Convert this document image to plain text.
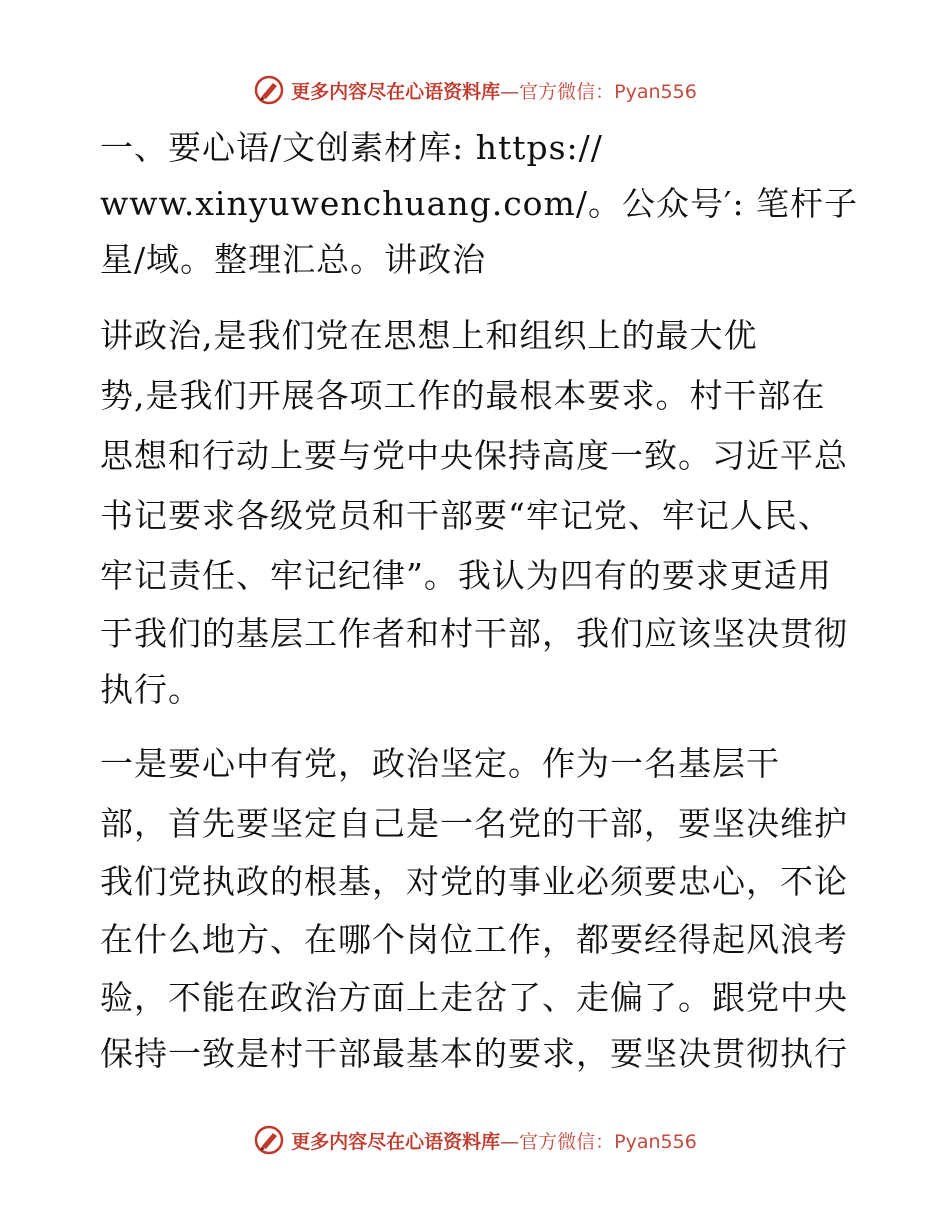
更多内容尽在心语资料库—官方微信：Pyan556
一、要心语/文创素材库: https://
www.xinyuwenchuang.com/。公众号′: 笔杆子
星/域。整理汇总。讲政治
讲政治,是我们党在思想上和组织上的最大优
势,是我们开展各项工作的最根本要求。村干部在
思想和行动上要与党中央保持高度一致。习近平总
书记要求各级党员和干部要“牢记党、牢记人民、
牢记责任、牢记纪律”。我认为四有的要求更适用
于我们的基层工作者和村干部，我们应该坚决贯彻
执行。
一是要心中有党，政治坚定。作为一名基层干
部，首先要坚定自己是一名党的干部，要坚决维护
我们党执政的根基，对党的事业必须要忠心，不论
在什么地方、在哪个岗位工作，都要经得起风浪考
验，不能在政治方面上走岔了、走偏了。跟党中央
保持一致是村干部最基本的要求，要坚决贯彻执行
更多内容尽在心语资料库—官方微信：Pyan556
